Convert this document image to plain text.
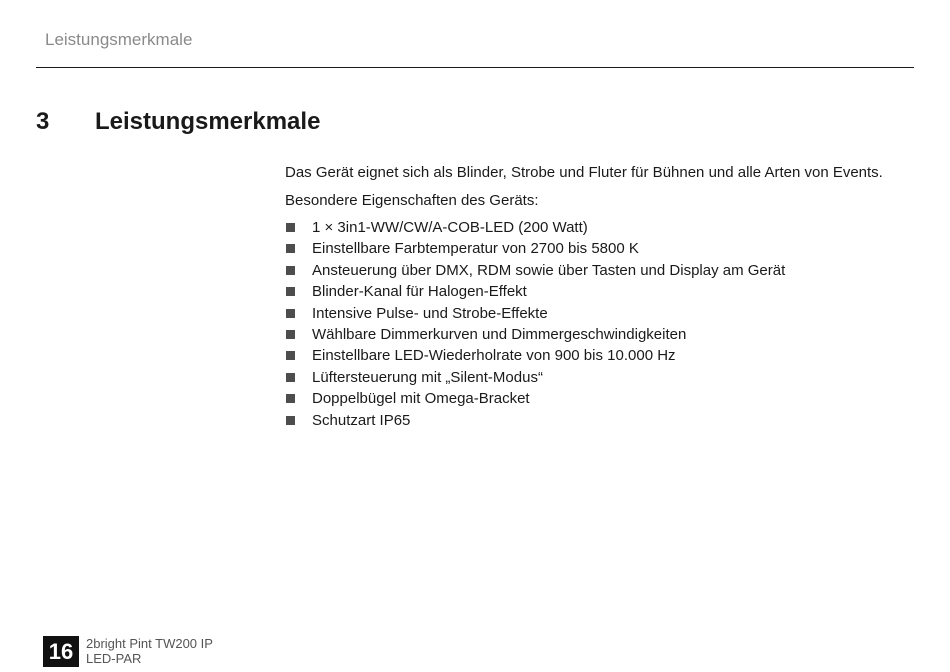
Leistungsmerkmale
3 Leistungsmerkmale

Das Gerät eignet sich als Blinder, Strobe und Fluter für Bühnen und alle Arten von Events.

Besondere Eigenschaften des Geräts:

1 × 3in1-WW/CW/A-COB-LED (200 Watt)
Einstellbare Farbtemperatur von 2700 bis 5800 K
Ansteuerung über DMX, RDM sowie über Tasten und Display am Gerät
Blinder-Kanal für Halogen-Effekt
Intensive Pulse- und Strobe-Effekte
Wählbare Dimmerkurven und Dimmergeschwindigkeiten
Einstellbare LED-Wiederholrate von 900 bis 10.000 Hz
Lüftersteuerung mit „Silent-Modus“
Doppelbügel mit Omega-Bracket
Schutzart IP65
16 2bright Pint TW200 IP
LED-PAR
